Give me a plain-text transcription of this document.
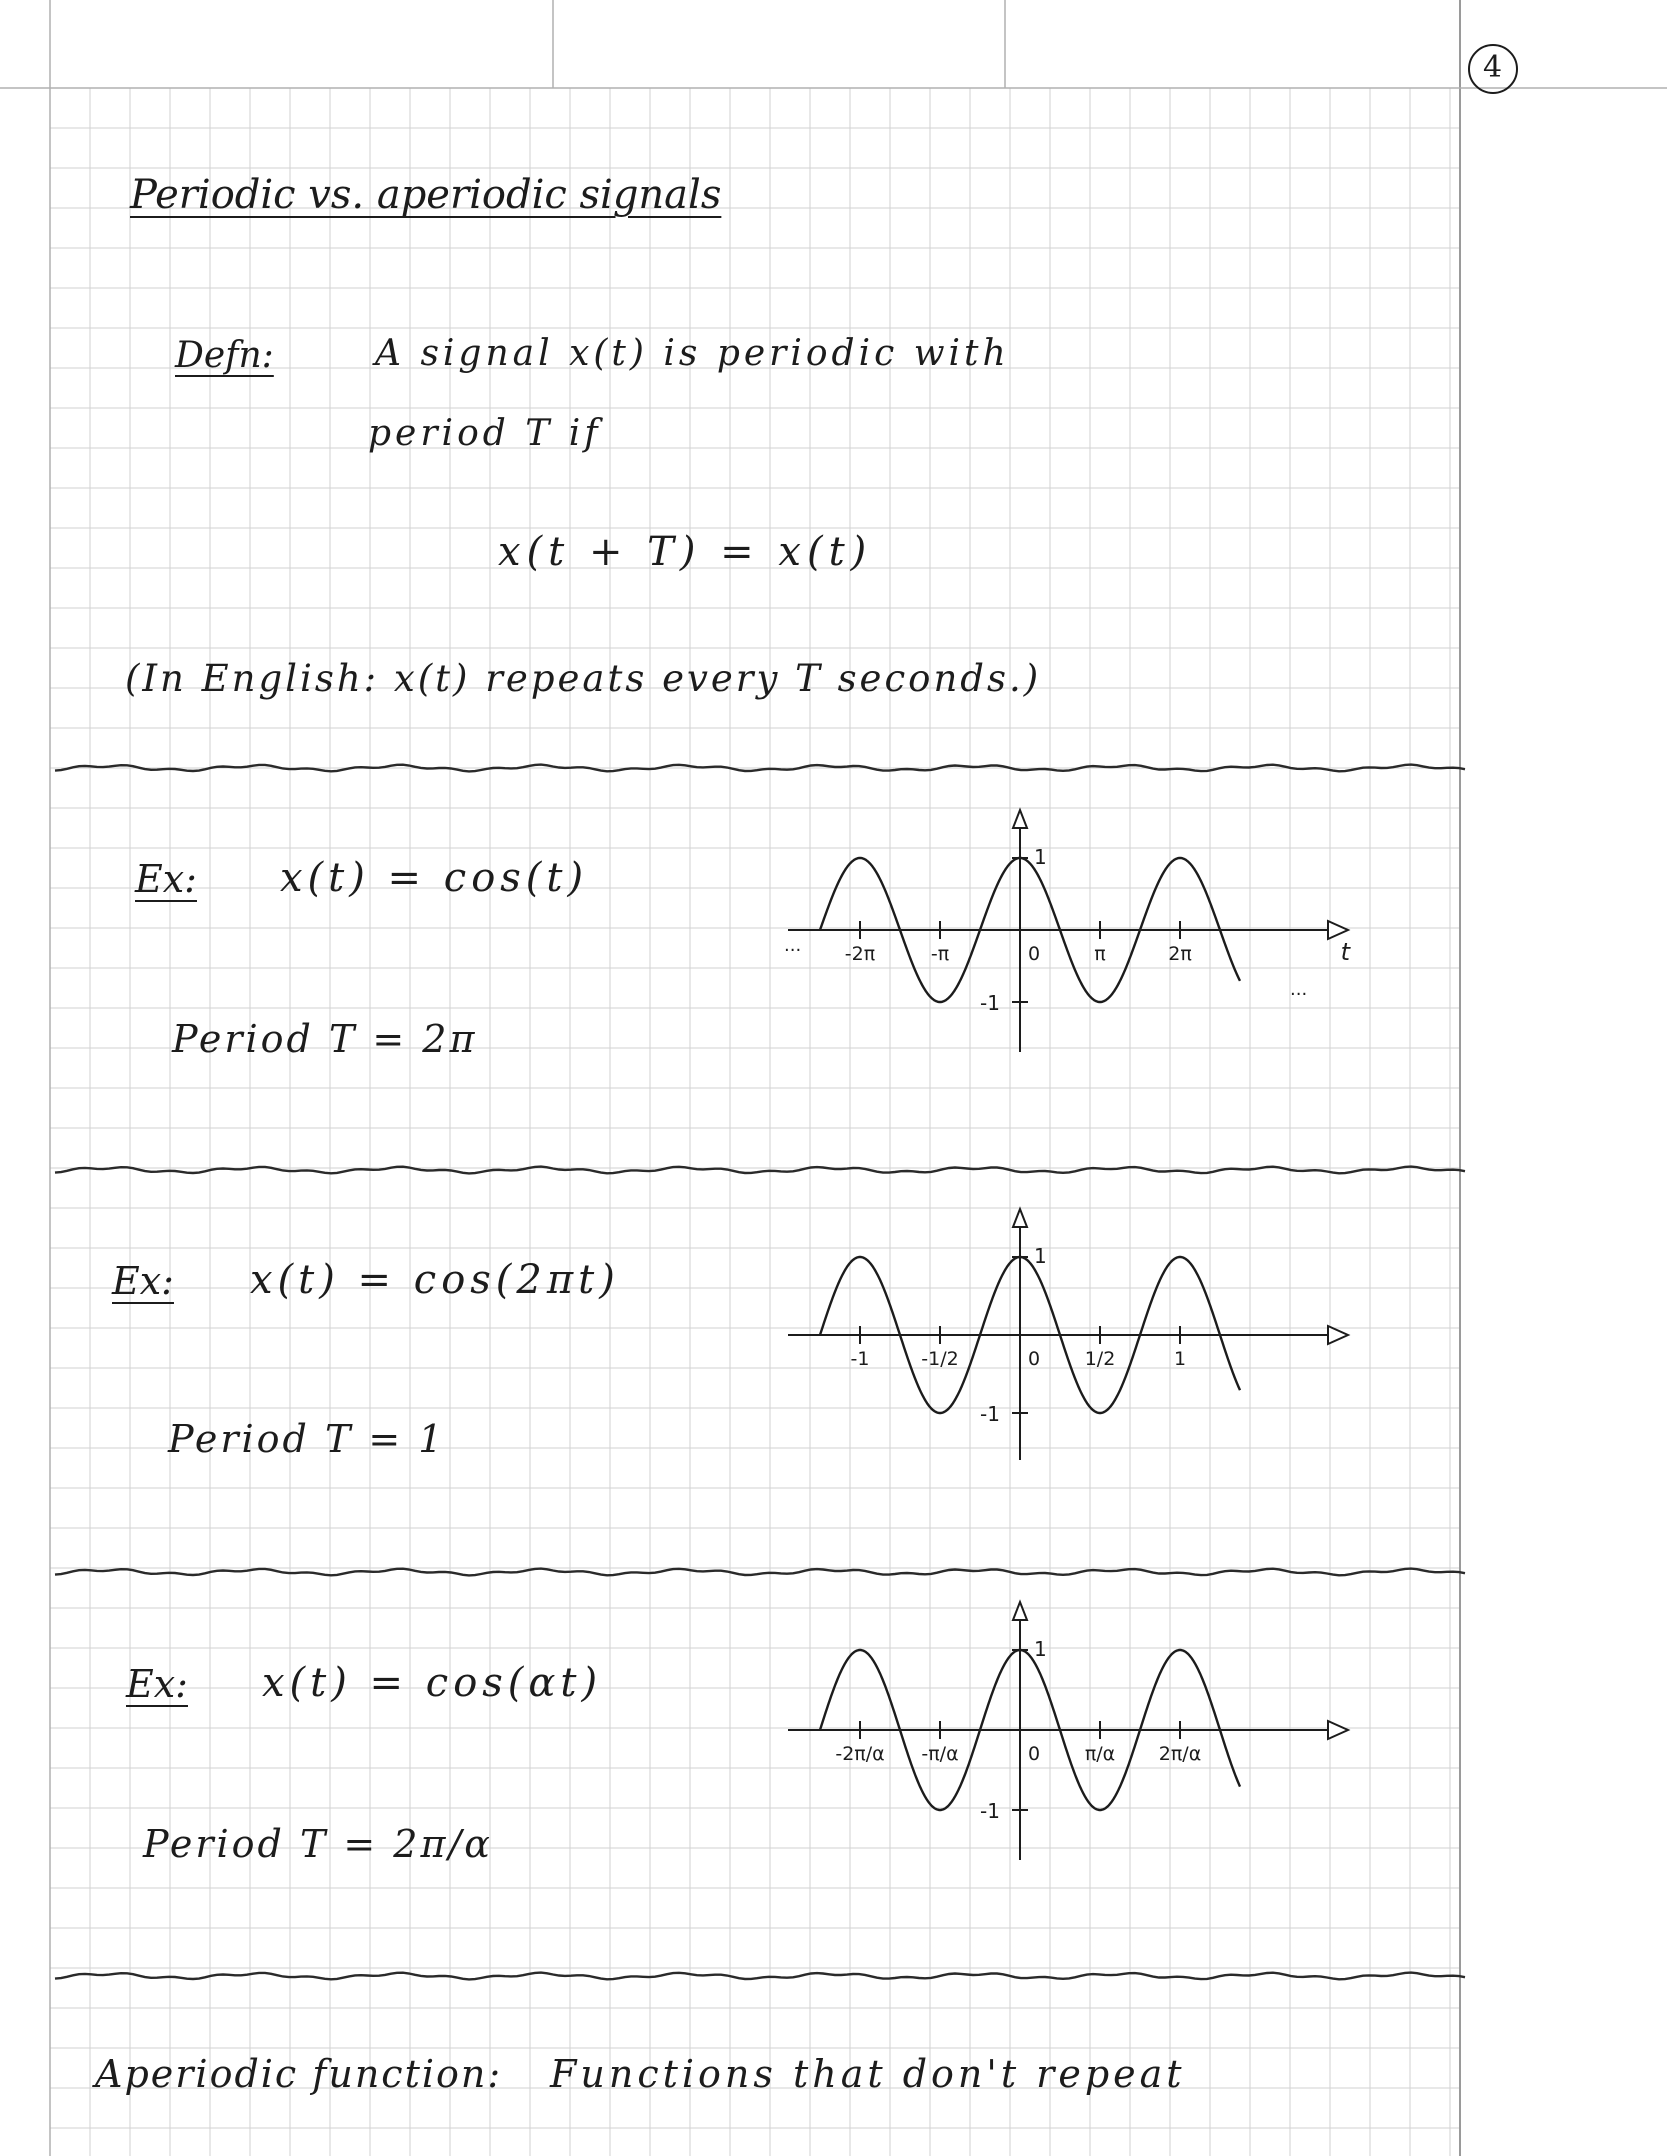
4
Periodic vs. aperiodic signals
Defn:	A signal x(t) is periodic with
period T if
x(t + T) = x(t)
(In English: x(t) repeats every T seconds.)
Ex: x(t) = cos(t)
Period T = 2π
1
-1
-2π	-π	0	π	2π	t
···
···
Ex: x(t) = cos(2πt)
Period T = 1
1
-1
-1	-1/2	0 1/2	1
Ex: x(t) = cos(αt)
Period T = 2π/α
1
-1
-2π/α -π/α	0 π/α 2π/α
Aperiodic function: Functions that don't repeat
